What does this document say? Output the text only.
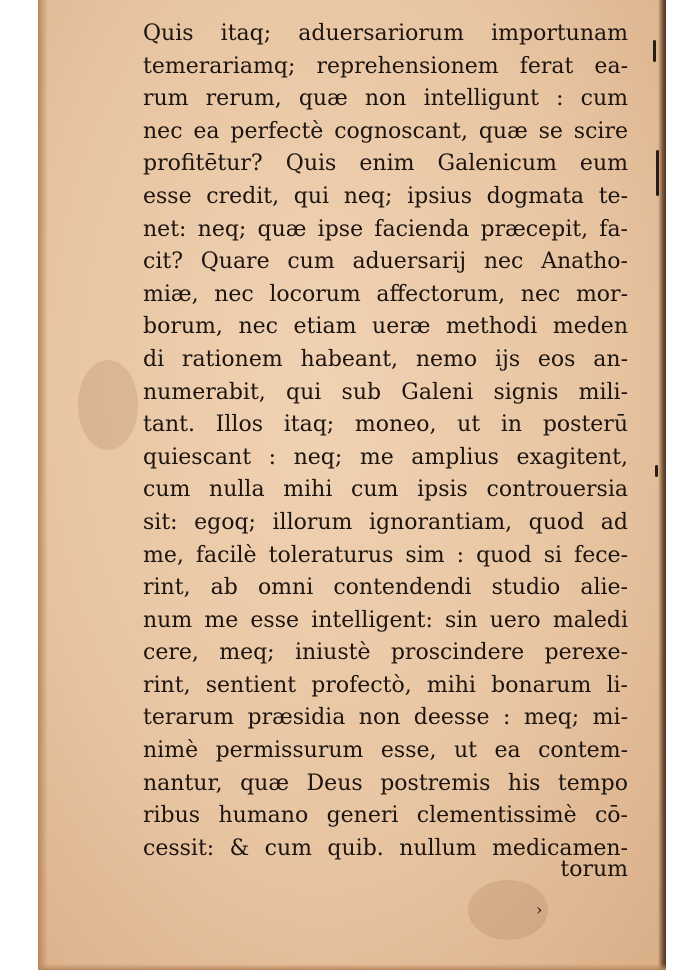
Quis itaq; aduersariorum importunam
temerariamq; reprehensionem ferat ea-
rum rerum, quæ non intelligunt : cum
nec ea perfectè cognoscant, quæ se scire
profitētur? Quis enim Galenicum eum
esse credit, qui neq; ipsius dogmata te-
net: neq; quæ ipse facienda præcepit, fa-
cit? Quare cum aduersarij nec Anatho-
miæ, nec locorum affectorum, nec mor-
borum, nec etiam ueræ methodi meden
di rationem habeant, nemo ijs eos an-
numerabit, qui sub Galeni signis mili-
tant. Illos itaq; moneo, ut in posterū
quiescant : neq; me amplius exagitent,
cum nulla mihi cum ipsis controuersia
sit: egoq; illorum ignorantiam, quod ad
me, facilè toleraturus sim : quod si fece-
rint, ab omni contendendi studio alie-
num me esse intelligent: sin uero maledi
cere, meq; iniustè proscindere perexe-
rint, sentient profectò, mihi bonarum li-
terarum præsidia non deesse : meq; mi-
nimè permissurum esse, ut ea contem-
nantur, quæ Deus postremis his tempo
ribus humano generi clementissimè cō-
cessit: & cum quib. nullum medicamen-
torum
›
